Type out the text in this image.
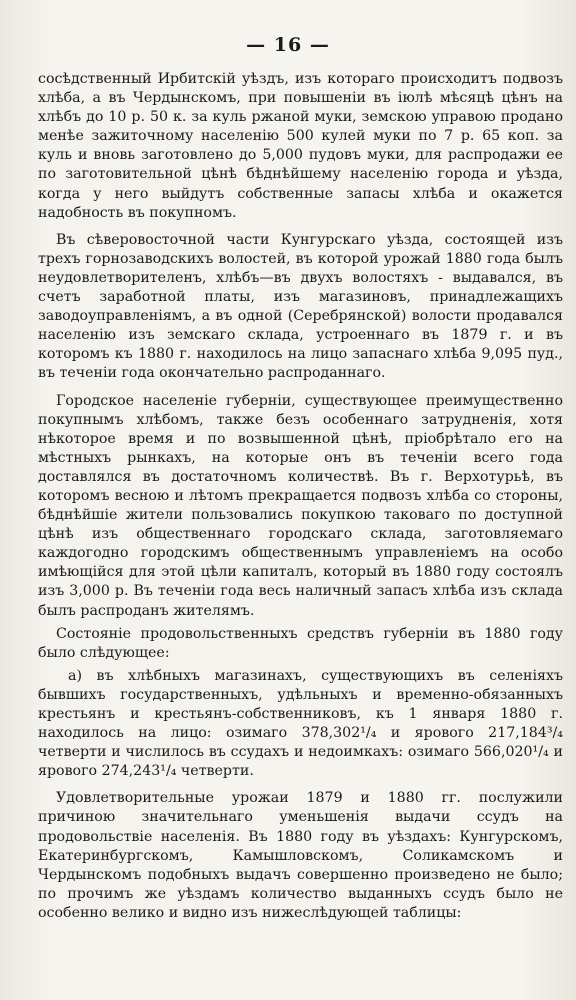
— 16 —

сосѣдственный Ирбитскій уѣздъ, изъ котораго происходитъ подвозъ хлѣба, а въ Чердынскомъ, при повышеніи въ іюлѣ мѣсяцѣ цѣнъ на хлѣбъ до 10 р. 50 к. за куль ржаной муки, земскою управою продано менѣе зажиточному населенію 500 кулей муки по 7 р. 65 коп. за куль и вновь заготовлено до 5,000 пудовъ муки, для распродажи ее по заготовительной цѣнѣ бѣднѣйшему населенію города и уѣзда, когда у него выйдутъ собственные запасы хлѣба и окажется надобность въ покупномъ.

Въ сѣверовосточной части Кунгурскаго уѣзда, состоящей изъ трехъ горнозаводскихъ волостей, въ которой урожай 1880 года былъ неудовлетворителенъ, хлѣбъ—въ двухъ волостяхъ - выдавался, въ счетъ заработной платы, изъ магазиновъ, принадлежащихъ заводоуправленіямъ, а въ одной (Серебрянской) волости продавался населенію изъ земскаго склада, устроеннаго въ 1879 г. и въ которомъ къ 1880 г. находилось на лицо запаснаго хлѣба 9,095 пуд., въ теченіи года окончательно распроданнаго.

Городское населеніе губерніи, существующее преимущественно покупнымъ хлѣбомъ, также безъ особеннаго затрудненія, хотя нѣкоторое время и по возвышенной цѣнѣ, пріобрѣтало его на мѣстныхъ рынкахъ, на которые онъ въ теченіи всего года доставлялся въ достаточномъ количествѣ. Въ г. Верхотурьѣ, въ которомъ весною и лѣтомъ прекращается подвозъ хлѣба со стороны, бѣднѣйшіе жители пользовались покупкою таковаго по доступной цѣнѣ изъ общественнаго городскаго склада, заготовляемаго каждогодно городскимъ общественнымъ управленіемъ на особо имѣющійся для этой цѣли капиталъ, который въ 1880 году состоялъ изъ 3,000 р. Въ теченіи года весь наличный запасъ хлѣба изъ склада былъ распроданъ жителямъ.

Состояніе продовольственныхъ средствъ губерніи въ 1880 году было слѣдующее:

а) въ хлѣбныхъ магазинахъ, существующихъ въ селеніяхъ бывшихъ государственныхъ, удѣльныхъ и временно-обязанныхъ крестьянъ и крестьянъ-собственниковъ, къ 1 января 1880 г. находилось на лицо: озимаго 378,302¹/₄ и ярового 217,184³/₄ четверти и числилось въ ссудахъ и недоимкахъ: озимаго 566,020¹/₄ и ярового 274,243¹/₄ четверти.

Удовлетворительные урожаи 1879 и 1880 гг. послужили причиною значительнаго уменьшенія выдачи ссудъ на продовольствіе населенія. Въ 1880 году въ уѣздахъ: Кунгурскомъ, Екатеринбургскомъ, Камышловскомъ, Соликамскомъ и Чердынскомъ подобныхъ выдачъ совершенно произведено не было; по прочимъ же уѣздамъ количество выданныхъ ссудъ было не особенно велико и видно изъ нижеслѣдующей таблицы:
